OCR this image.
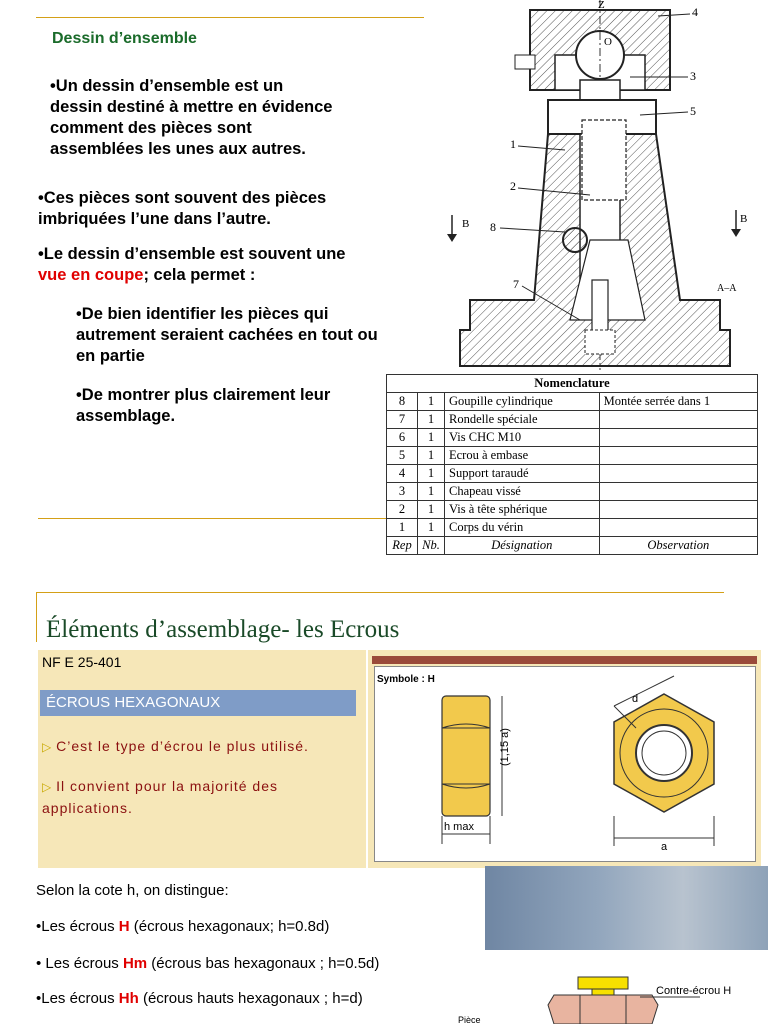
Dessin d’ensemble
•Un dessin d’ensemble est un
dessin destiné à mettre en évidence
comment des pièces sont
assemblées les unes aux autres.
•Ces pièces sont souvent des pièces
imbriquées l’une dans l’autre.
•Le dessin d’ensemble est souvent une
vue en coupe; cela permet :
•De bien identifier les pièces qui
autrement seraient cachées en tout ou
en partie
•De montrer plus clairement leur
assemblage.
Z	4
O
3
5
1
2
B 8
B
7	A–A
Nomenclature			
8	1	Goupille cylindrique	Montée serrée dans 1
7	1	Rondelle spéciale	
6	1	Vis CHC M10	
5	1	Ecrou à embase	
4	1	Support taraudé	
3	1	Chapeau vissé	
2	1	Vis à tête sphérique	
1	1	Corps du vérin	
Rep	Nb.	Désignation	Observation
Éléments d’assemblage- les Ecrous
NF E 25-401
ÉCROUS HEXAGONAUX
▷ C’est le type d’écrou le plus utilisé.
▷ Il convient pour la majorité des
applications.
Symbole : H
(1,15 a)
h max
d
a
Selon la cote h, on distingue:
•Les écrous H (écrous hexagonaux; h=0.8d)
• Les écrous Hm (écrous bas hexagonaux ; h=0.5d)
•Les écrous Hh (écrous hauts hexagonaux ; h=d)	Contre-écrou H
Pièce
